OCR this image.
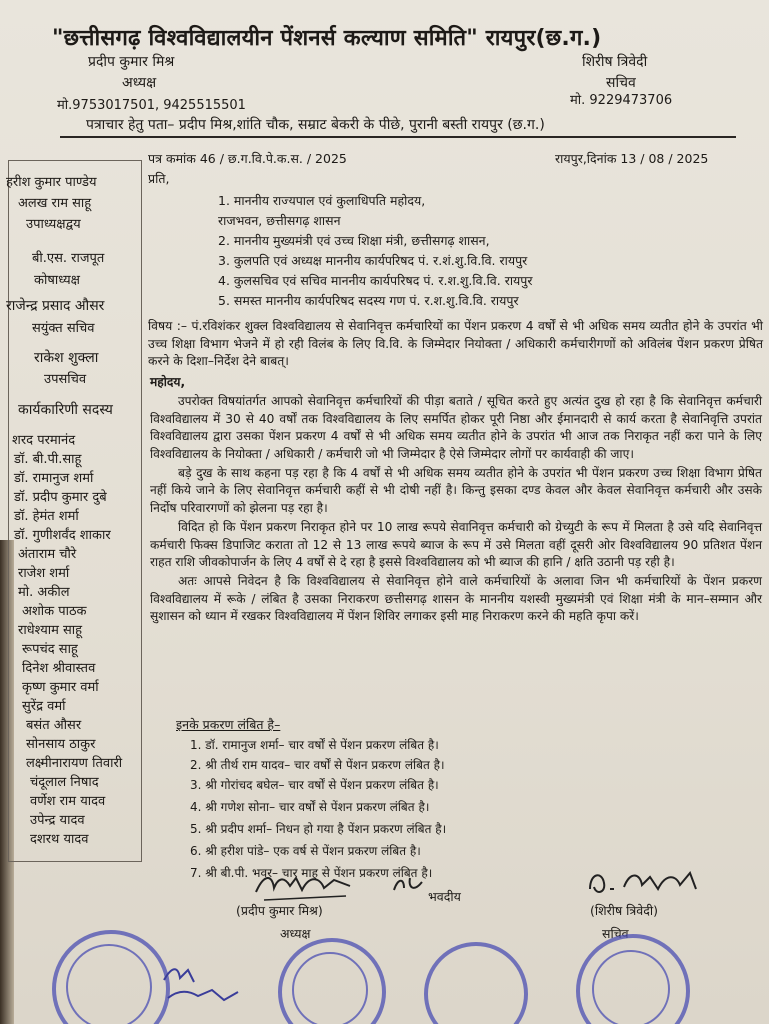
"छत्तीसगढ़ विश्वविद्यालयीन पेंशनर्स कल्याण समिति" रायपुर(छ.ग.)
प्रदीप कुमार मिश्र
अध्यक्ष
मो.9753017501, 9425515501
शिरीष त्रिवेदी
सचिव
मो. 9229473706
पत्राचार हेतु पता– प्रदीप मिश्र,शांति चौक, सम्राट बेकरी के पीछे, पुरानी बस्ती रायपुर (छ.ग.)
हरीश कुमार पाण्डेय
अलख राम साहू
उपाध्यक्षद्वय
बी.एस. राजपूत
कोषाध्यक्ष
राजेन्द्र प्रसाद औसर
सयुंक्त सचिव
राकेश शुक्ला
उपसचिव
कार्यकारिणी सदस्य
शरद परमानंद
डॉ. बी.पी.साहू
डॉ. रामानुज शर्मा
डॉ. प्रदीप कुमार दुबे
डॉ. हेमंत शर्मा
डॉ. गुणीशर्वंद शाकार
अंताराम चौरे
राजेश शर्मा
मो. अकील
अशोक पाठक
राधेश्याम साहू
रूपचंद साहू
दिनेश श्रीवास्तव
कृष्ण कुमार वर्मा
सुरेंद्र वर्मा
बसंत औसर
सोनसाय ठाकुर
लक्ष्मीनारायण तिवारी
चंदूलाल निषाद
वर्णेश राम यादव
उपेन्द्र यादव
दशरथ यादव
पत्र कमांक 46 / छ.ग.वि.पे.क.स. / 2025	रायपुर,दिनांक 13 / 08 / 2025
प्रति,
1. माननीय राज्यपाल एवं कुलाधिपति महोदय,
राजभवन, छत्तीसगढ़ शासन
2. माननीय मुख्यमंत्री एवं उच्च शिक्षा मंत्री, छत्तीसगढ़ शासन,
3. कुलपति एवं अध्यक्ष माननीय कार्यपरिषद पं. र.शं.शु.वि.वि. रायपुर
4. कुलसचिव एवं सचिव माननीय कार्यपरिषद पं. र.श.शु.वि.वि. रायपुर
5. समस्त माननीय कार्यपरिषद सदस्य गण पं. र.श.शु.वि.वि. रायपुर
विषय :– पं.रविशंकर शुक्ल विश्वविद्यालय से सेवानिवृत्त कर्मचारियों का पेंशन प्रकरण 4 वर्षों से भी अधिक समय व्यतीत होने के उपरांत भी उच्च शिक्षा विभाग भेजने में हो रही विलंब के लिए वि.वि. के जिम्मेदार नियोक्ता / अधिकारी कर्मचारीगणों को अविलंब पेंशन प्रकरण प्रेषित करने के दिशा–निर्देश देने बाबत्।

महोदय,

उपरोक्त विषयांतर्गत आपको सेवानिवृत्त कर्मचारियों की पीड़ा बताते / सूचित करते हुए अत्यंत दुख हो रहा है कि सेवानिवृत्त कर्मचारी विश्वविद्यालय में 30 से 40 वर्षों तक विश्वविद्यालय के लिए समर्पित होकर पूरी निष्ठा और ईमानदारी से कार्य करता है सेवानिवृत्ति उपरांत विश्वविद्यालय द्वारा उसका पेंशन प्रकरण 4 वर्षों से भी अधिक समय व्यतीत होने के उपरांत भी आज तक निराकृत नहीं करा पाने के लिए विश्वविद्यालय के नियोक्ता / अधिकारी / कर्मचारी जो भी जिम्मेदार है ऐसे जिम्मेदार लोगों पर कार्यवाही की जाए।

बड़े दुख के साथ कहना पड़ रहा है कि 4 वर्षों से भी अधिक समय व्यतीत होने के उपरांत भी पेंशन प्रकरण उच्च शिक्षा विभाग प्रेषित नहीं किये जाने के लिए सेवानिवृत्त कर्मचारी कहीं से भी दोषी नहीं है। किन्तु इसका दण्ड केवल और केवल सेवानिवृत्त कर्मचारी और उसके निर्दोष परिवारगणों को झेलना पड़ रहा है।

विदित हो कि पेंशन प्रकरण निराकृत होने पर 10 लाख रूपये सेवानिवृत्त कर्मचारी को ग्रेच्युटी के रूप में मिलता है उसे यदि सेवानिवृत्त कर्मचारी फिक्स डिपाजिट कराता तो 12 से 13 लाख रूपये ब्याज के रूप में उसे मिलता वहीं दूसरी ओर विश्वविद्यालय 90 प्रतिशत पेंशन राहत राशि जीवकोपार्जन के लिए 4 वर्षों से दे रहा है इससे विश्वविद्यालय को भी ब्याज की हानि / क्षति उठानी पड़ रही है।

अतः आपसे निवेदन है कि विश्वविद्यालय से सेवानिवृत्त होने वाले कर्मचारियों के अलावा जिन भी कर्मचारियों के पेंशन प्रकरण विश्वविद्यालय में रूके / लंबित है उसका निराकरण छत्तीसगढ़ शासन के माननीय यशस्वी मुख्यमंत्री एवं शिक्षा मंत्री के मान–सम्मान और सुशासन को ध्यान में रखकर विश्वविद्यालय में पेंशन शिविर लगाकर इसी माह निराकरण करने की महति कृपा करें।

इनके प्रकरण लंबित है–
1. डॉ. रामानुज शर्मा– चार वर्षों से पेंशन प्रकरण लंबित है।
2. श्री तीर्थ राम यादव– चार वर्षों से पेंशन प्रकरण लंबित है।
3. श्री गोरांचद बघेल– चार वर्षों से पेंशन प्रकरण लंबित है।
4. श्री गणेश सोना– चार वर्षों से पेंशन प्रकरण लंबित है।
5. श्री प्रदीप शर्मा– निधन हो गया है पेंशन प्रकरण लंबित है।
6. श्री हरीश पांडे– एक वर्ष से पेंशन प्रकरण लंबित है।
7. श्री बी.पी. भवर– चार माह से पेंशन प्रकरण लंबित है।
भवदीय
(प्रदीप कुमार मिश्र)
अध्यक्ष
(शिरीष त्रिवेदी)
सचिव
